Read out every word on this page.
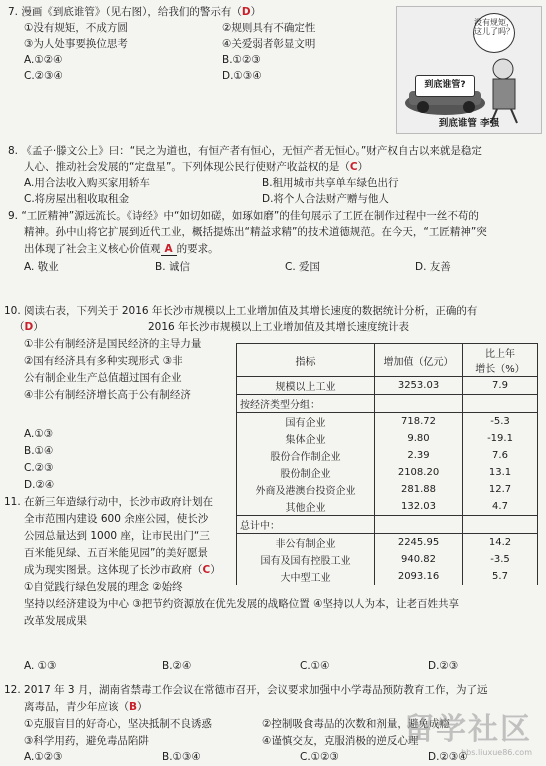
7. 漫画《到底谁管》（见右图），给我们的警示有（D）
①没有规矩，不成方圆	②规则具有不确定性
③为人处事要换位思考	④关爱弱者彰显文明
A.①②④	B.①②③
C.②③④	D.①③④
没有规矩，这儿了吗？
到底谁管?
到底谁管 李强
8. 《孟子·滕文公上》曰：“民之为道也，有恒产者有恒心，无恒产者无恒心。”财产权自古以来就是稳定
人心、推动社会发展的“定盘星”。下列体现公民行使财产收益权的是（C）
A.用合法收入购买家用轿车	B.租用城市共享单车绿色出行
C.将房屋出租收取租金	D.将个人合法财产赠与他人
9. “工匠精神”源远流长。《诗经》中“如切如磋，如琢如磨”的佳句展示了工匠在制作过程中一丝不苟的
精神。孙中山将它扩展到近代工业，概括提炼出“精益求精”的技术道德规范。在今天，“工匠精神”突
出体现了社会主义核心价值观 A 的要求。
A. 敬业	B. 诚信	C. 爱国	D. 友善
10. 阅读右表，下列关于 2016 年长沙市规模以上工业增加值及其增长速度的数据统计分析，正确的有
（D）	2016 年长沙市规模以上工业增加值及其增长速度统计表
①非公有制经济是国民经济的主导力量
②国有经济具有多种实现形式 ③非
公有制企业生产总值超过国有企业
④非公有制经济增长高于公有制经济
A.①③
B.①④
C.②③
D.②④
指标	增加值（亿元）	比上年
增长（%）
规模以上工业	3253.03	7.9
按经济类型分组：		
国有企业	718.72	-5.3
集体企业	9.80	-19.1
股份合作制企业	2.39	7.6
股份制企业	2108.20	13.1
外商及港澳台投资企业	281.88	12.7
其他企业	132.03	4.7
总计中：		
非公有制企业	2245.95	14.2
国有及国有控股工业	940.82	-3.5
大中型工业	2093.16	5.7
11. 在新三年造绿行动中，长沙市政府计划在
全市范围内建设 600 余座公园，使长沙
公园总量达到 1000 座，让市民出门“三
百米能见绿、五百米能见园”的美好愿景
成为现实图景。这体现了长沙市政府（C）
①自觉践行绿色发展的理念 ②始终
坚持以经济建设为中心 ③把节约资源放在优先发展的战略位置 ④坚持以人为本，让老百姓共享
改革发展成果
A. ①③	B.②④	C.①④	D.②③
12. 2017 年 3 月，湖南省禁毒工作会议在常德市召开，会议要求加强中小学毒品预防教育工作，为了远
离毒品，青少年应该（B）
①克服盲目的好奇心，坚决抵制不良诱惑	②控制吸食毒品的次数和剂量，避免成瘾
③科学用药，避免毒品陷阱	④谨慎交友，克服消极的逆反心理
A.①②③	B.①③④	C.①②③	D.②③④
留学社区
bbs.liuxue86.com
